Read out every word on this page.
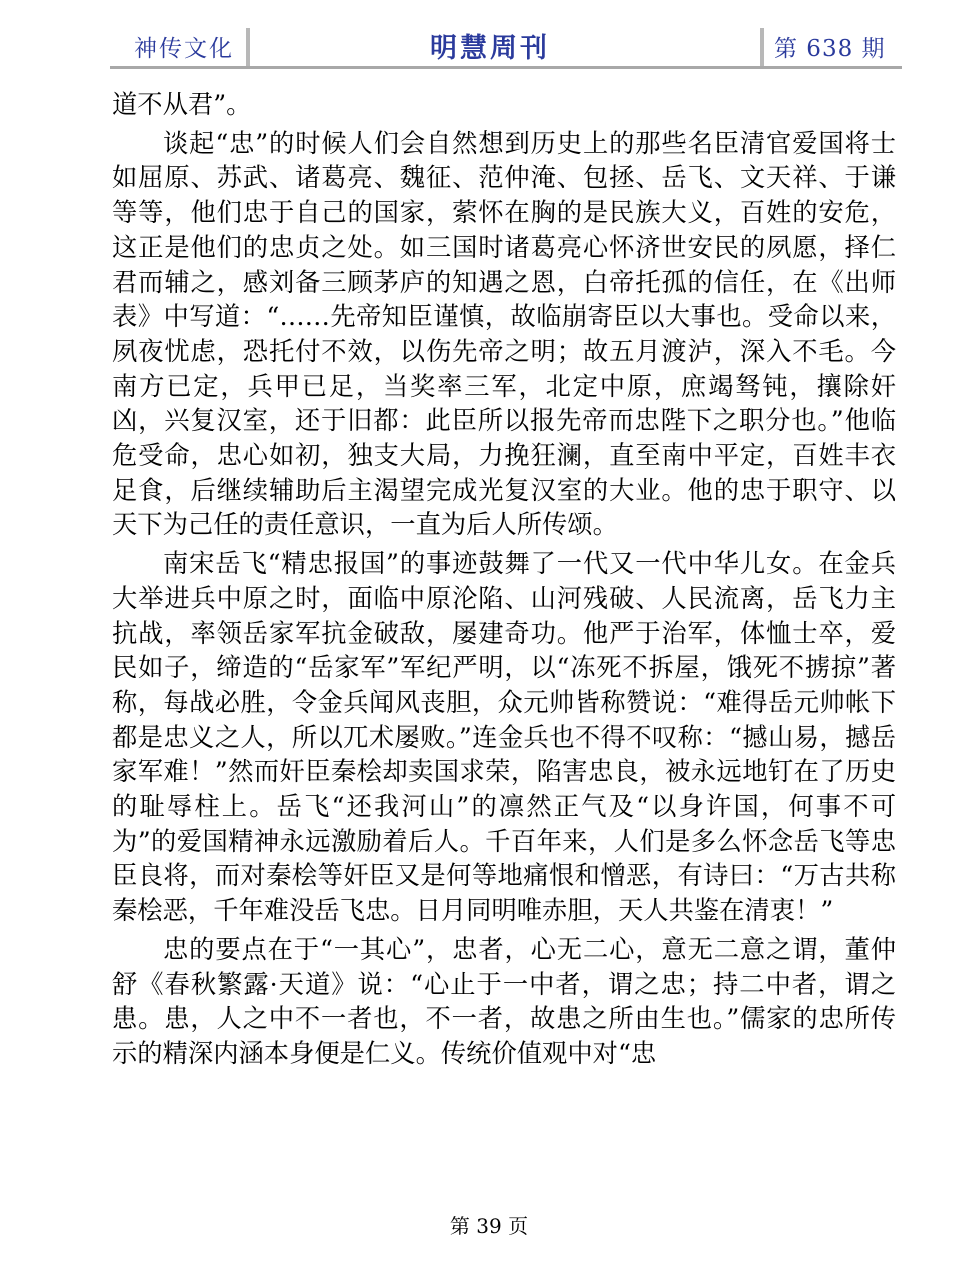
神传文化	明慧周刊	第 638 期

道不从君”。

谈起“忠”的时候人们会自然想到历史上的那些名臣清官爱国将士如屈原、苏武、诸葛亮、魏征、范仲淹、包拯、岳飞、文天祥、于谦等等，他们忠于自己的国家，萦怀在胸的是民族大义，百姓的安危，这正是他们的忠贞之处。如三国时诸葛亮心怀济世安民的夙愿，择仁君而辅之，感刘备三顾茅庐的知遇之恩，白帝托孤的信任，在《出师表》中写道：“……先帝知臣谨慎，故临崩寄臣以大事也。受命以来，夙夜忧虑，恐托付不效，以伤先帝之明；故五月渡泸，深入不毛。今南方已定，兵甲已足，当奖率三军，北定中原，庶竭驽钝，攘除奸凶，兴复汉室，还于旧都：此臣所以报先帝而忠陛下之职分也。”他临危受命，忠心如初，独支大局，力挽狂澜，直至南中平定，百姓丰衣足食，后继续辅助后主渴望完成光复汉室的大业。他的忠于职守、以天下为己任的责任意识，一直为后人所传颂。

南宋岳飞“精忠报国”的事迹鼓舞了一代又一代中华儿女。在金兵大举进兵中原之时，面临中原沦陷、山河残破、人民流离，岳飞力主抗战，率领岳家军抗金破敌，屡建奇功。他严于治军，体恤士卒，爱民如子，缔造的“岳家军”军纪严明，以“冻死不拆屋，饿死不掳掠”著称，每战必胜，令金兵闻风丧胆，众元帅皆称赞说：“难得岳元帅帐下都是忠义之人，所以兀术屡败。”连金兵也不得不叹称：“撼山易，撼岳家军难！”然而奸臣秦桧却卖国求荣，陷害忠良，被永远地钉在了历史的耻辱柱上。岳飞“还我河山”的凛然正气及“以身许国，何事不可为”的爱国精神永远激励着后人。千百年来，人们是多么怀念岳飞等忠臣良将，而对秦桧等奸臣又是何等地痛恨和憎恶，有诗曰：“万古共称秦桧恶，千年难没岳飞忠。日月同明唯赤胆，天人共鉴在清衷！”

忠的要点在于“一其心”，忠者，心无二心，意无二意之谓，董仲舒《春秋繁露·天道》说：“心止于一中者，谓之忠；持二中者，谓之患。患，人之中不一者也，不一者，故患之所由生也。”儒家的忠所传示的精深内涵本身便是仁义。传统价值观中对“忠

第 39 页
